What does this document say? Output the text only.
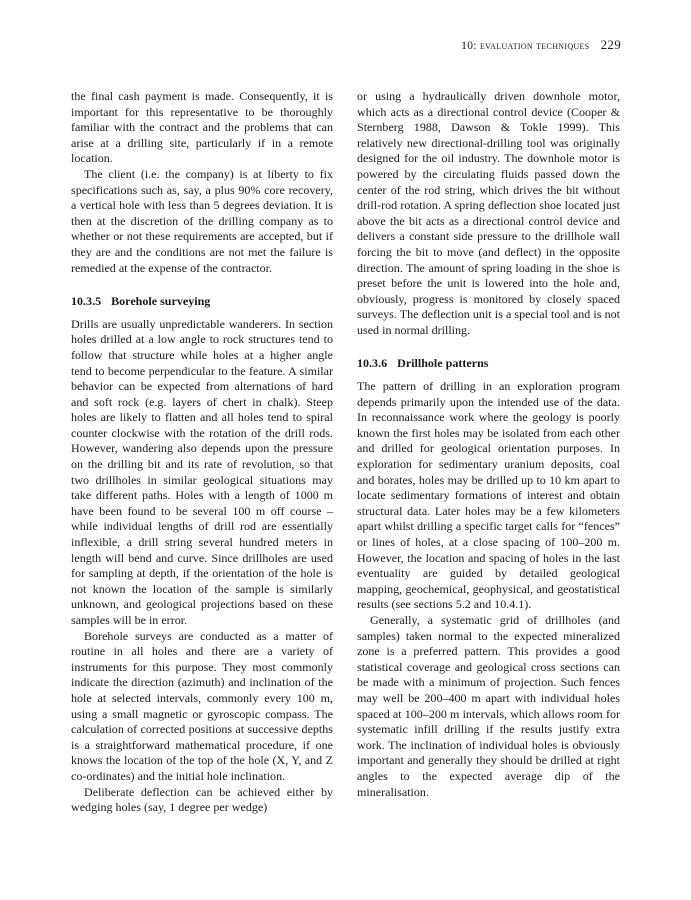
10: evaluation techniques 229

the final cash payment is made. Consequently, it is important for this representative to be thoroughly familiar with the contract and the problems that can arise at a drilling site, particularly if in a remote location.

The client (i.e. the company) is at liberty to fix specifications such as, say, a plus 90% core recovery, a vertical hole with less than 5 degrees deviation. It is then at the discretion of the drilling company as to whether or not these requirements are accepted, but if they are and the conditions are not met the failure is remedied at the expense of the contractor.

10.3.5 Borehole surveying

Drills are usually unpredictable wanderers. In section holes drilled at a low angle to rock structures tend to follow that structure while holes at a higher angle tend to become perpendicular to the feature. A similar behavior can be expected from alternations of hard and soft rock (e.g. layers of chert in chalk). Steep holes are likely to flatten and all holes tend to spiral counter clockwise with the rotation of the drill rods. However, wandering also depends upon the pressure on the drilling bit and its rate of revolution, so that two drillholes in similar geological situations may take different paths. Holes with a length of 1000 m have been found to be several 100 m off course – while individual lengths of drill rod are essentially inflexible, a drill string several hundred meters in length will bend and curve. Since drillholes are used for sampling at depth, if the orientation of the hole is not known the location of the sample is similarly unknown, and geological projections based on these samples will be in error.

Borehole surveys are conducted as a matter of routine in all holes and there are a variety of instruments for this purpose. They most commonly indicate the direction (azimuth) and inclination of the hole at selected intervals, commonly every 100 m, using a small magnetic or gyroscopic compass. The calculation of corrected positions at successive depths is a straightforward mathematical procedure, if one knows the location of the top of the hole (X, Y, and Z co-ordinates) and the initial hole inclination.

Deliberate deflection can be achieved either by wedging holes (say, 1 degree per wedge)

or using a hydraulically driven downhole motor, which acts as a directional control device (Cooper & Sternberg 1988, Dawson & Tokle 1999). This relatively new directional-drilling tool was originally designed for the oil industry. The downhole motor is powered by the circulating fluids passed down the center of the rod string, which drives the bit without drill-rod rotation. A spring deflection shoe located just above the bit acts as a directional control device and delivers a constant side pressure to the drillhole wall forcing the bit to move (and deflect) in the opposite direction. The amount of spring loading in the shoe is preset before the unit is lowered into the hole and, obviously, progress is monitored by closely spaced surveys. The deflection unit is a special tool and is not used in normal drilling.

10.3.6 Drillhole patterns

The pattern of drilling in an exploration program depends primarily upon the intended use of the data. In reconnaissance work where the geology is poorly known the first holes may be isolated from each other and drilled for geological orientation purposes. In exploration for sedimentary uranium deposits, coal and borates, holes may be drilled up to 10 km apart to locate sedimentary formations of interest and obtain structural data. Later holes may be a few kilometers apart whilst drilling a specific target calls for “fences” or lines of holes, at a close spacing of 100–200 m. However, the location and spacing of holes in the last eventuality are guided by detailed geological mapping, geochemical, geophysical, and geostatistical results (see sections 5.2 and 10.4.1).

Generally, a systematic grid of drillholes (and samples) taken normal to the expected mineralized zone is a preferred pattern. This provides a good statistical coverage and geological cross sections can be made with a minimum of projection. Such fences may well be 200–400 m apart with individual holes spaced at 100–200 m intervals, which allows room for systematic infill drilling if the results justify extra work. The inclination of individual holes is obviously important and generally they should be drilled at right angles to the expected average dip of the mineralisation.
